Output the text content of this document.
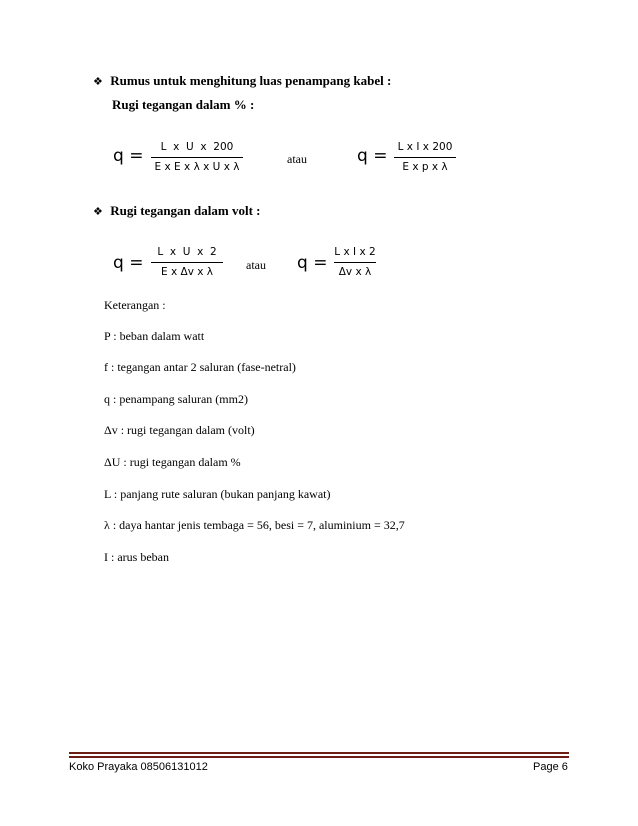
❖ Rumus untuk menghitung luas penampang kabel :
Rugi tegangan dalam % :
$q = \frac{\text{L  x  U  x  200}}{\text{E x E x λ x U x λ}}$	atau	$q = \frac{\text{L x I x 200}}{\text{E x p x λ}}$
❖ Rugi tegangan dalam volt :
$q = \frac{\text{L  x  U  x  2}}{\text{E x Δv x λ}}$ atau $q = \frac{\text{L x I x 2}}{\text{Δv x λ}}$
Keterangan :
P : beban dalam watt
f : tegangan antar 2 saluran (fase-netral)
q : penampang saluran (mm2)
Δv : rugi tegangan dalam (volt)
ΔU : rugi tegangan dalam %
L : panjang rute saluran (bukan panjang kawat)
λ : daya hantar jenis tembaga = 56, besi = 7, aluminium = 32,7
I : arus beban
Koko Prayaka 08506131012	Page 6
